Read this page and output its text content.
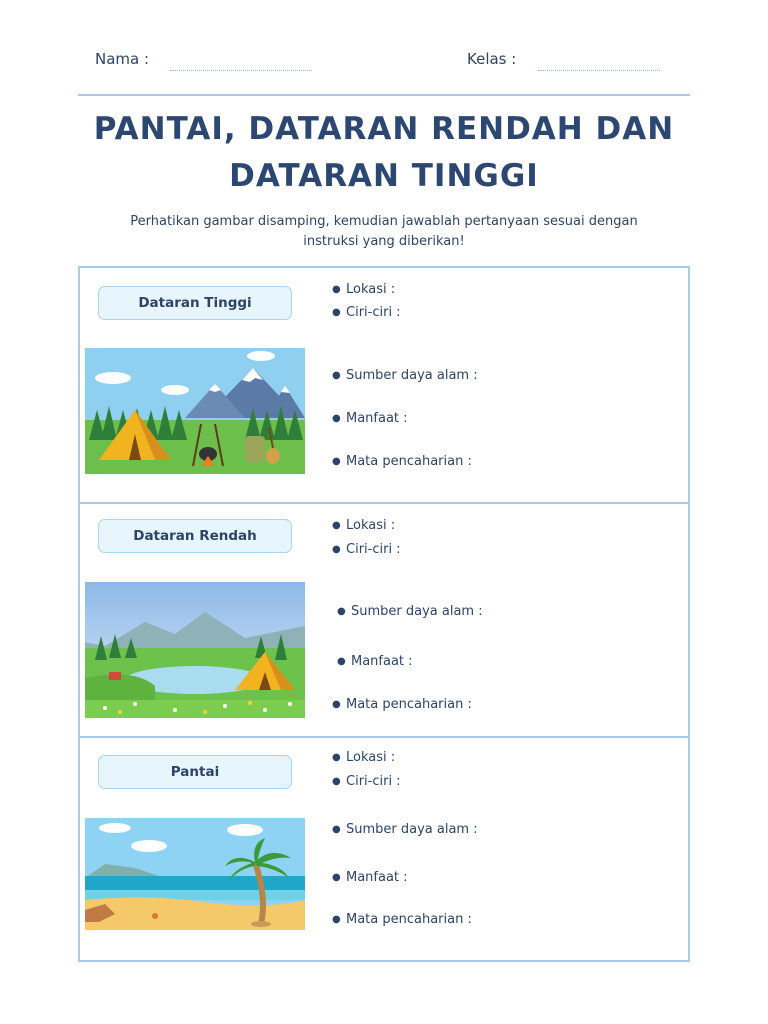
Nama :	Kelas :
PANTAI, DATARAN RENDAH DAN
DATARAN TINGGI
Perhatikan gambar disamping, kemudian jawablah pertanyaan sesuai dengan
instruksi yang diberikan!
Dataran Tinggi
● Lokasi :
● Ciri-ciri :
● Sumber daya alam :
● Manfaat :
● Mata pencaharian :
Dataran Rendah
● Lokasi :
● Ciri-ciri :
● Sumber daya alam :
● Manfaat :
● Mata pencaharian :
Pantai
● Lokasi :
● Ciri-ciri :
● Sumber daya alam :
● Manfaat :
● Mata pencaharian :
